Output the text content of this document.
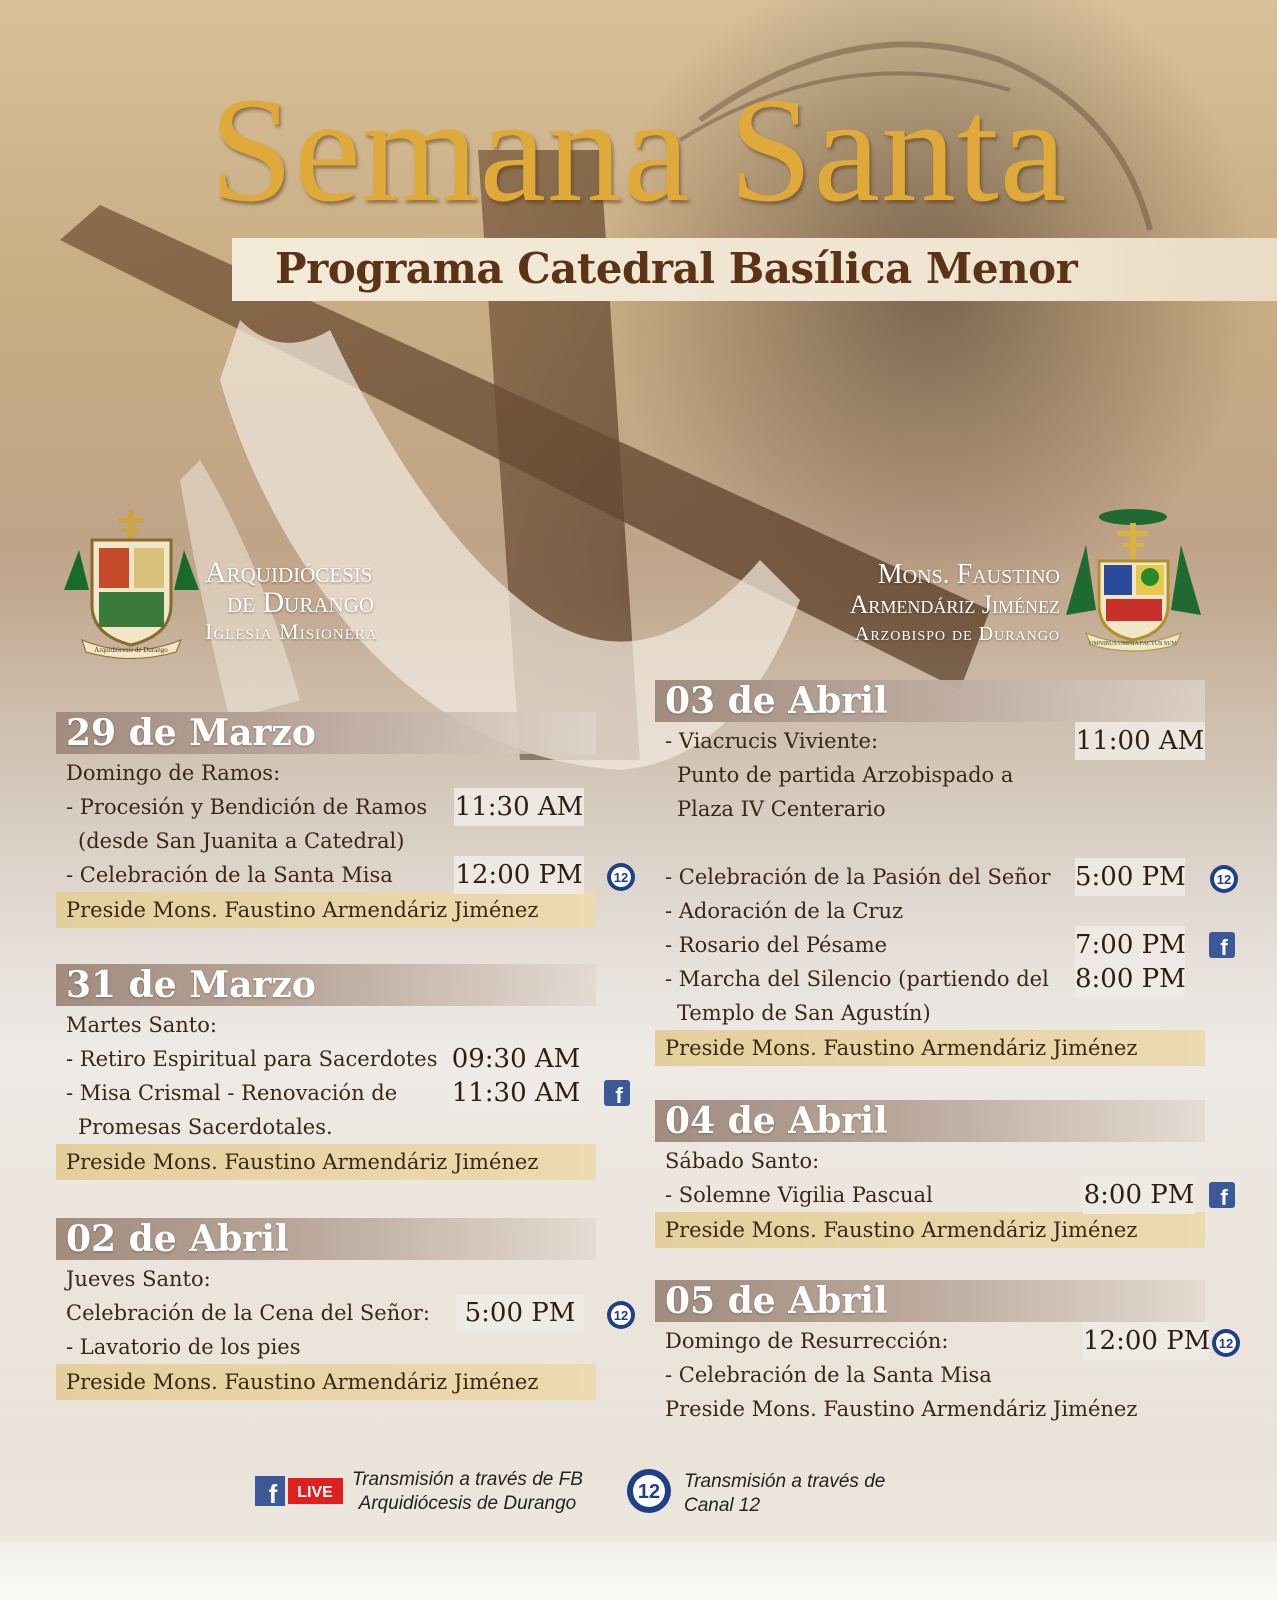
Semana Santa
Programa Catedral Basílica Menor
Arquidiócesis de Durango
Arquidiócesis
de Durango
Iglesia Misionera
Mons. Faustino
Armendáriz Jiménez
Arzobispo de Durango	OMNIBUS OMNIA FACTUS SUM
29 de Marzo
Domingo de Ramos:
- Procesión y Bendición de Ramos 11:30 AM
(desde San Juanita a Catedral)
- Celebración de la Santa Misa 12:00 PM 12
Preside Mons. Faustino Armendáriz Jiménez
31 de Marzo
Martes Santo:
- Retiro Espiritual para Sacerdotes 09:30 AM
- Misa Crismal - Renovación de 11:30 AM f
Promesas Sacerdotales.
Preside Mons. Faustino Armendáriz Jiménez
02 de Abril
Jueves Santo:
Celebración de la Cena del Señor:	5:00 PM	12
- Lavatorio de los pies
Preside Mons. Faustino Armendáriz Jiménez
03 de Abril
- Viacrucis Viviente:	11:00 AM
Punto de partida Arzobispado a
Plaza IV Centerario
- Celebración de la Pasión del Señor 5:00 PM 12
- Adoración de la Cruz
- Rosario del Pésame	7:00 PM f
- Marcha del Silencio (partiendo del 8:00 PM
Templo de San Agustín)
Preside Mons. Faustino Armendáriz Jiménez
04 de Abril
Sábado Santo:
- Solemne Vigilia Pascual	8:00 PM f
Preside Mons. Faustino Armendáriz Jiménez
05 de Abril
Domingo de Resurrección:	12:00 PM 12
- Celebración de la Santa Misa
Preside Mons. Faustino Armendáriz Jiménez
f LIVE
Transmisión a través de FB
Arquidiócesis de Durango
12 Transmisión a través de
Canal 12
